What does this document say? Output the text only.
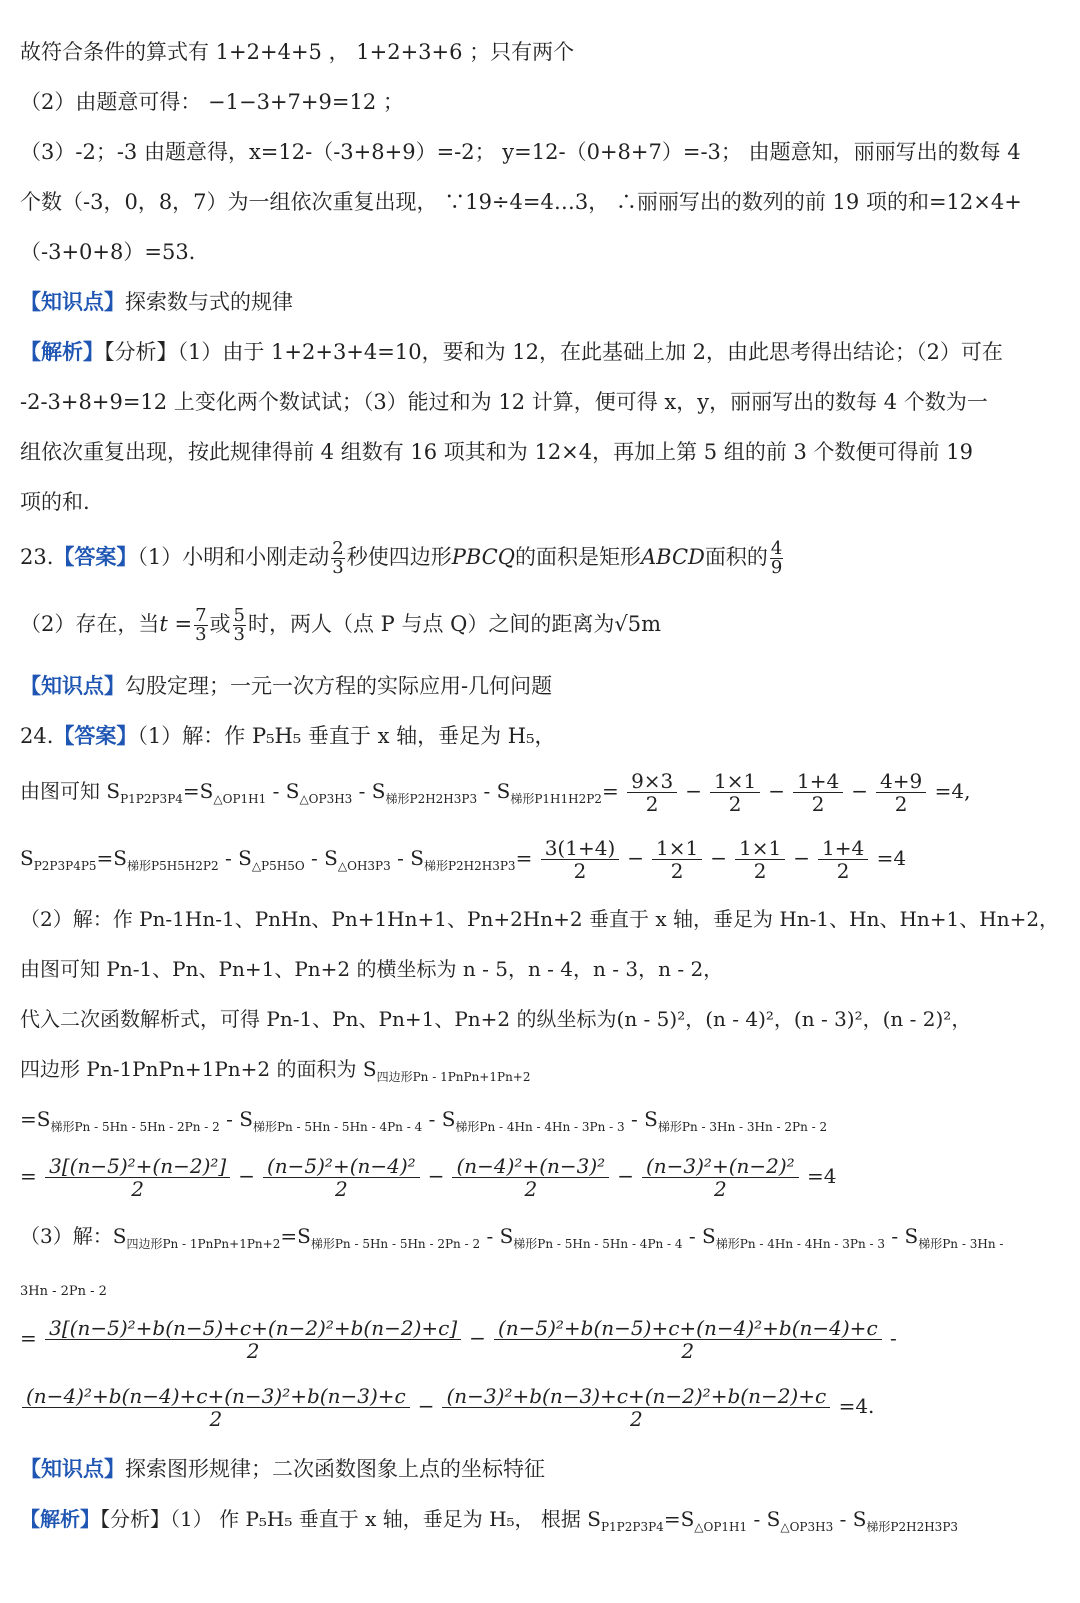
故符合条件的算式有 1+2+4+5 ， 1+2+3+6 ；只有两个
（2）由题意可得： −1−3+7+9=12 ；
（3）-2；-3 由题意得，x=12-（-3+8+9）=-2； y=12-（0+8+7）=-3； 由题意知，丽丽写出的数每 4
个数（-3，0，8，7）为一组依次重复出现， ∵19÷4=4…3， ∴丽丽写出的数列的前 19 项的和=12×4+
（-3+0+8）=53.
【知识点】探索数与式的规律
【解析】【分析】（1）由于 1+2+3+4=10，要和为 12，在此基础上加 2，由此思考得出结论；（2）可在
-2-3+8+9=12 上变化两个数试试；（3）能过和为 12 计算，便可得 x，y，丽丽写出的数每 4 个数为一
组依次重复出现，按此规律得前 4 组数有 16 项其和为 12×4，再加上第 5 组的前 3 个数便可得前 19
项的和.
23.【答案】（1）小明和小刚走动 $\frac{2}{3}$ 秒使四边形PBCQ的面积是矩形ABCD面积的 $\frac{4}{9}$
（2）存在，当$t = \frac{7}{3}$ 或 $\frac{5}{3}$ 时，两人（点 P 与点 Q）之间的距离为√5m
【知识点】勾股定理；一元一次方程的实际应用-几何问题
24.【答案】（1）解：作 P₅H₅ 垂直于 x 轴，垂足为 H₅，
由图可知 $S_{P1P2P3P4}=S_{\triangle OP1H1} - S_{\triangle OP3H3} - S_{梯形P2H2H3P3} - S_{梯形P1H1H2P2}= \frac{9\times 3}{2} - \frac{1\times 1}{2} - \frac{1+4}{2} - \frac{4+9}{2} =4$,
$S_{P2P3P4P5}=S_{梯形P5H5H2P2} - S_{\triangle P5H5O} - S_{\triangle OH3P3} - S_{梯形P2H2H3P3}= \frac{3(1+4)}{2} - \frac{1\times 1}{2} - \frac{1\times 1}{2} - \frac{1+4}{2} =4$
（2）解：作 Pn-1Hn-1、PnHn、Pn+1Hn+1、Pn+2Hn+2 垂直于 x 轴，垂足为 Hn-1、Hn、Hn+1、Hn+2，
由图可知 Pn-1、Pn、Pn+1、Pn+2 的横坐标为 n - 5，n - 4，n - 3，n - 2，
代入二次函数解析式，可得 Pn-1、Pn、Pn+1、Pn+2 的纵坐标为(n - 5)²，(n - 4)²，(n - 3)²，(n - 2)²，
四边形 Pn-1PnPn+1Pn+2 的面积为 $S_{四边形Pn - 1PnPn+1Pn+2}$
$=S_{梯形Pn - 5Hn - 5Hn - 2Pn - 2} - S_{梯形Pn - 5Hn - 5Hn - 4Pn - 4} - S_{梯形Pn - 4Hn - 4Hn - 3Pn - 3} - S_{梯形Pn - 3Hn - 3Hn - 2Pn - 2}$
= $\frac{\text{3[(n−5)²+(n−2)²]}}{2} - \frac{\text{(n−5)²+(n−4)²}}{2} - \frac{\text{(n−4)²+(n−3)²}}{2} - \frac{\text{(n−3)²+(n−2)²}}{2} =4$
（3）解：$S_{四边形Pn - 1PnPn+1Pn+2}=S_{梯形Pn - 5Hn - 5Hn - 2Pn - 2} - S_{梯形Pn - 5Hn - 5Hn - 4Pn - 4} - S_{梯形Pn - 4Hn - 4Hn - 3Pn - 3} - S_{梯形Pn - 3Hn -}$
3Hn - 2Pn - 2
= $\frac{\text{3[(n−5)²+b(n−5)+c+(n−2)²+b(n−2)+c]}}{2} - \frac{\text{(n−5)²+b(n−5)+c+(n−4)²+b(n−4)+c}}{2}$ -
$\frac{\text{(n−4)²+b(n−4)+c+(n−3)²+b(n−3)+c}}{2} - \frac{\text{(n−3)²+b(n−3)+c+(n−2)²+b(n−2)+c}}{2} =4$.
【知识点】探索图形规律；二次函数图象上点的坐标特征
【解析】【分析】（1） 作 P₅H₅ 垂直于 x 轴，垂足为 H₅， 根据 $S_{P1P2P3P4}=S_{\triangle OP1H1} - S_{\triangle OP3H3} - S_{梯形P2H2H3P3}$
